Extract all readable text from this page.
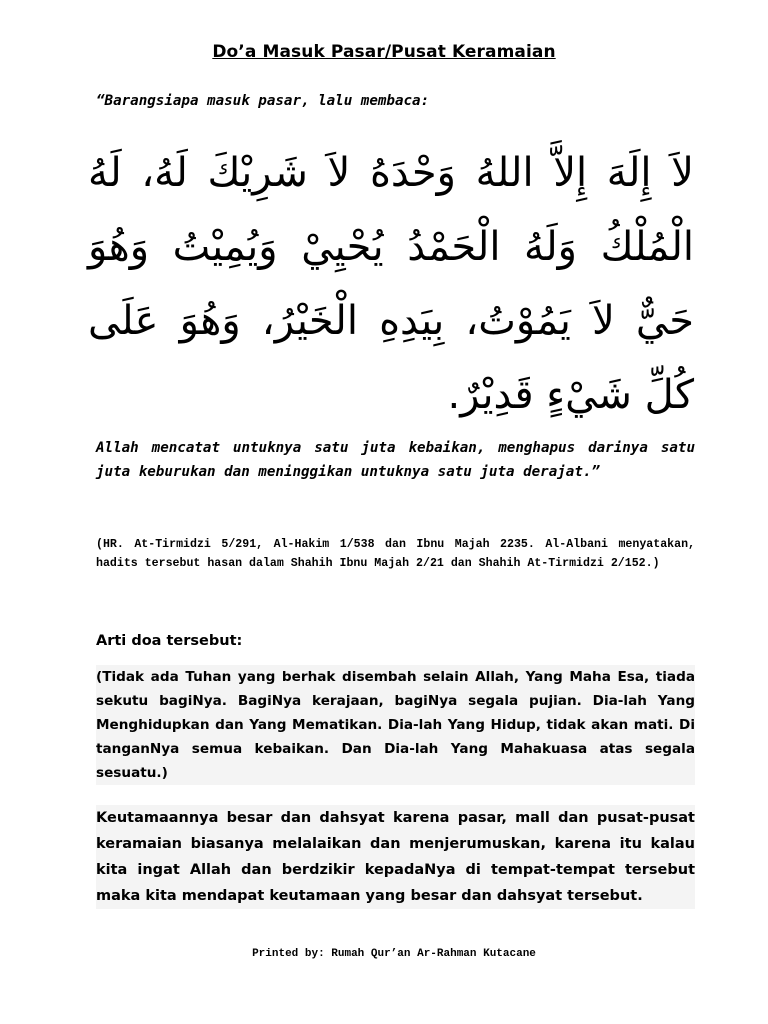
Do’a Masuk Pasar/Pusat Keramaian
“Barangsiapa masuk pasar, lalu membaca:
لاَ إِلَهَ إِلاَّ اللهُ وَحْدَهُ لاَ شَرِيْكَ لَهُ، لَهُ الْمُلْكُ وَلَهُ الْحَمْدُ يُحْيِيْ وَيُمِيْتُ وَهُوَ حَيٌّ لاَ يَمُوْتُ، بِيَدِهِ الْخَيْرُ، وَهُوَ عَلَى كُلِّ شَيْءٍ قَدِيْرٌ.
Allah mencatat untuknya satu juta kebaikan, menghapus darinya satu juta keburukan dan meninggikan untuknya satu juta derajat.”
(HR. At-Tirmidzi 5/291, Al-Hakim 1/538 dan Ibnu Majah 2235. Al-Albani menyatakan, hadits tersebut hasan dalam Shahih Ibnu Majah 2/21 dan Shahih At-Tirmidzi 2/152.)
Arti doa tersebut:
(Tidak ada Tuhan yang berhak disembah selain Allah, Yang Maha Esa, tiada sekutu bagiNya. BagiNya kerajaan, bagiNya segala pujian. Dia-lah Yang Menghidupkan dan Yang Mematikan. Dia-lah Yang Hidup, tidak akan mati. Di tanganNya semua kebaikan. Dan Dia-lah Yang Mahakuasa atas segala sesuatu.)
Keutamaannya besar dan dahsyat karena pasar, mall dan pusat-pusat keramaian biasanya melalaikan dan menjerumuskan, karena itu kalau kita ingat Allah dan berdzikir kepadaNya di tempat-tempat tersebut maka kita mendapat keutamaan yang besar dan dahsyat tersebut.
Printed by: Rumah Qur’an Ar-Rahman Kutacane
